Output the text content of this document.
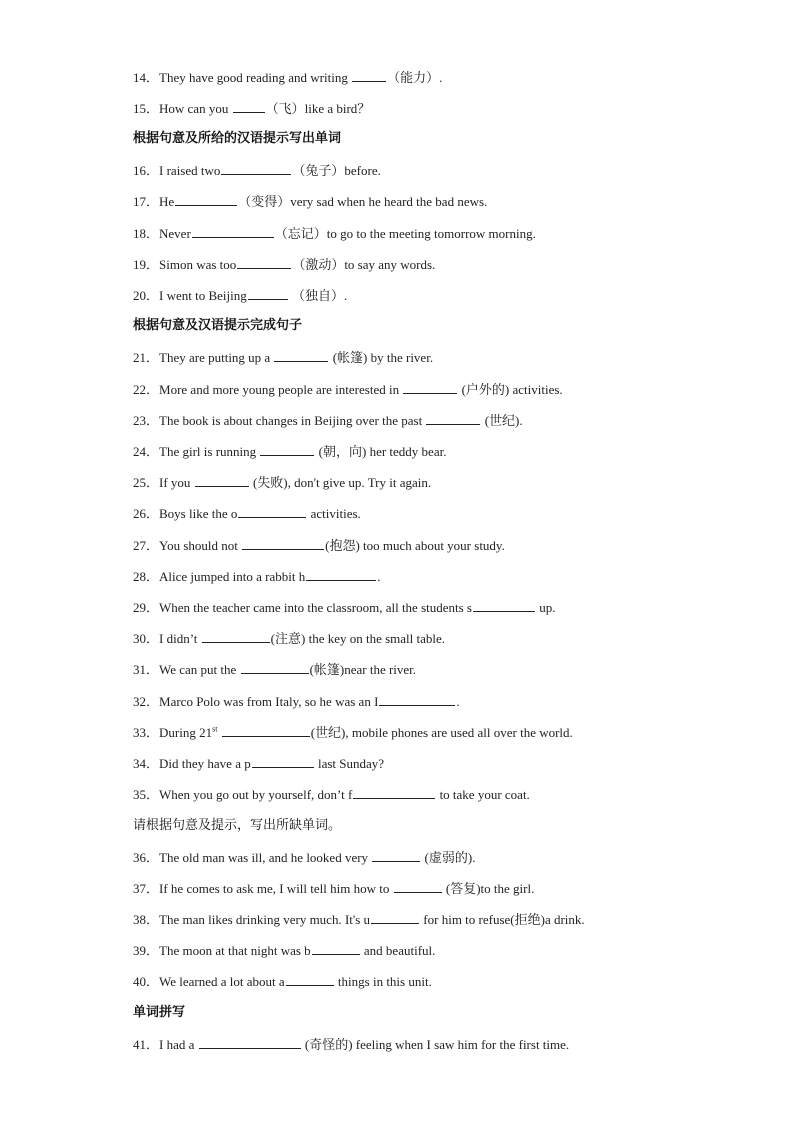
14．They have good reading and writing	（能力）.
15．How can you	（飞）like a bird？
根据句意及所给的汉语提示写出单词
16．I raised two	（兔子）before.
17．He	（变得）very sad when he heard the bad news.
18．Never	（忘记）to go to the meeting tomorrow morning.
19．Simon was too	（激动）to say any words.
20．I went to Beijing	（独自）.
根据句意及汉语提示完成句子
21．They are putting up a	(帐篷) by the river.
22．More and more young people are interested in	(户外的) activities.
23．The book is about changes in Beijing over the past	(世纪).
24．The girl is running	(朝，向) her teddy bear.
25．If you	(失败), don't give up. Try it again.
26．Boys like the o	activities.
27．You should not	(抱怨) too much about your study.
28．Alice jumped into a rabbit h	.
29．When the teacher came into the classroom, all the students s	up.
30．I didn’t	(注意) the key on the small table.
31．We can put the	(帐篷)near the river.
32．Marco Polo was from Italy, so he was an I	.
33．During 21st	(世纪), mobile phones are used all over the world.
34．Did they have a p	last Sunday?
35．When you go out by yourself, don’t f	to take your coat.
请根据句意及提示，写出所缺单词。
36．The old man was ill, and he looked very	(虚弱的).
37．If he comes to ask me, I will tell him how to	(答复)to the girl.
38．The man likes drinking very much. It's u	for him to refuse(拒绝)a drink.
39．The moon at that night was b	and beautiful.
40．We learned a lot about a	things in this unit.
单词拼写
41．I had a	(奇怪的) feeling when I saw him for the first time.
